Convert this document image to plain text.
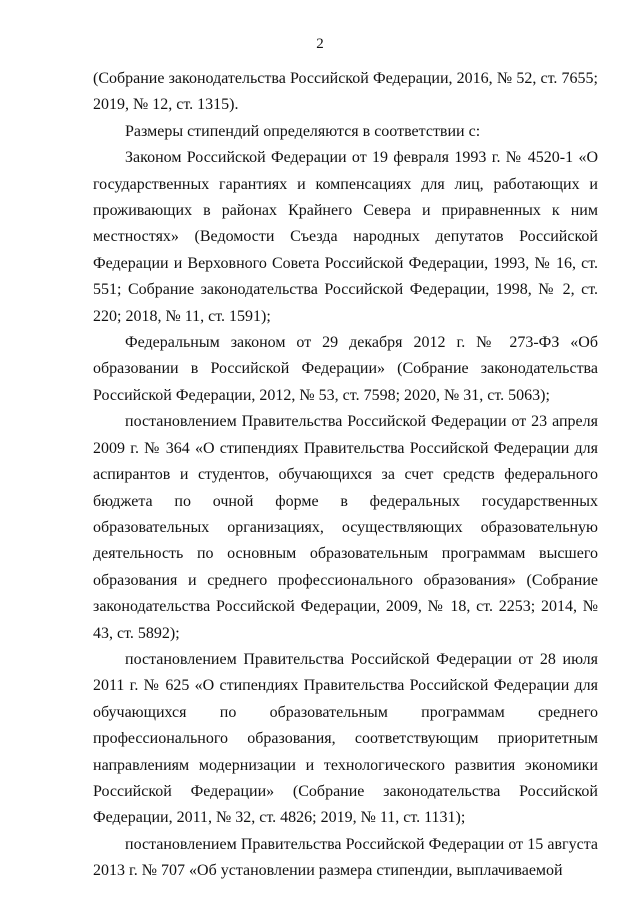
2

(Собрание законодательства Российской Федерации, 2016, № 52, ст. 7655; 2019, № 12, ст. 1315).

Размеры стипендий определяются в соответствии с:

Законом Российской Федерации от 19 февраля 1993 г. № 4520-1 «О государственных гарантиях и компенсациях для лиц, работающих и проживающих в районах Крайнего Севера и приравненных к ним местностях» (Ведомости Съезда народных депутатов Российской Федерации и Верховного Совета Российской Федерации, 1993, № 16, ст. 551; Собрание законодательства Российской Федерации, 1998, № 2, ст. 220; 2018, № 11, ст. 1591);

Федеральным законом от 29 декабря 2012 г. № 273-ФЗ «Об образовании в Российской Федерации» (Собрание законодательства Российской Федерации, 2012, № 53, ст. 7598; 2020, № 31, ст. 5063);

постановлением Правительства Российской Федерации от 23 апреля 2009 г. № 364 «О стипендиях Правительства Российской Федерации для аспирантов и студентов, обучающихся за счет средств федерального бюджета по очной форме в федеральных государственных образовательных организациях, осуществляющих образовательную деятельность по основным образовательным программам высшего образования и среднего профессионального образования» (Собрание законодательства Российской Федерации, 2009, № 18, ст. 2253; 2014, № 43, ст. 5892);

постановлением Правительства Российской Федерации от 28 июля 2011 г. № 625 «О стипендиях Правительства Российской Федерации для обучающихся по образовательным программам среднего профессионального образования, соответствующим приоритетным направлениям модернизации и технологического развития экономики Российской Федерации» (Собрание законодательства Российской Федерации, 2011, № 32, ст. 4826; 2019, № 11, ст. 1131);

постановлением Правительства Российской Федерации от 15 августа 2013 г. № 707 «Об установлении размера стипендии, выплачиваемой
